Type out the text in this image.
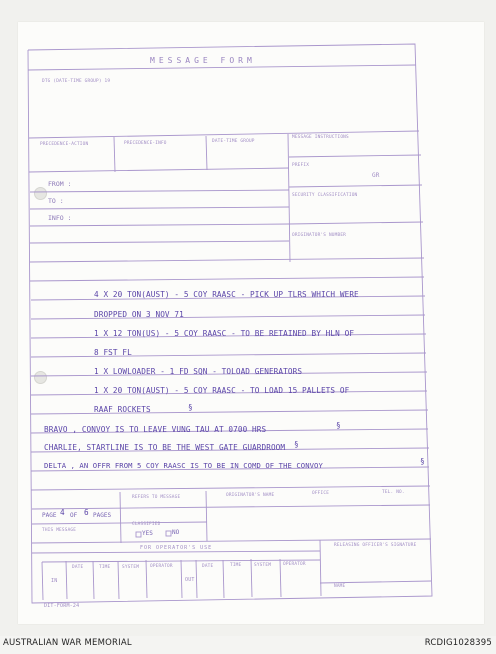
MESSAGE FORM
DTG (DATE-TIME GROUP) 19
PRECEDENCE-ACTION	PRECEDENCE-INFO	DATE-TIME GROUP
MESSAGE INSTRUCTIONS
PREFIX
GR
SECURITY CLASSIFICATION
ORIGINATOR'S NUMBER
FROM :
TO :
INFO :
4 X 20 TON(AUST) - 5 COY RAASC - PICK UP TLRS WHICH WERE
DROPPED ON 3 NOV 71
1 X 12 TON(US) - 5 COY RAASC - TO BE RETAINED BY HLN OF
8 FST FL
1 X LOWLOADER - 1 FD SQN - TOLOAD GENERATORS
1 X 20 TON(AUST) - 5 COY RAASC - TO LOAD 15 PALLETS OF
RAAF ROCKETS	§
BRAVO , CONVOY IS TO LEAVE VUNG TAU AT 0700 HRS	§
CHARLIE, STARTLINE IS TO BE THE WEST GATE GUARDROOM §
DELTA , AN OFFR FROM 5 COY RAASC IS TO BE IN COMD OF THE CONVOY	§
REFERS TO MESSAGE	ORIGINATOR'S NAME	OFFICE	TEL. NO.
PAGE 4 OF 6 PAGES
THIS MESSAGE
CLASSIFIED
YES	NO
FOR OPERATOR'S USE	RELEASING OFFICER'S SIGNATURE
NAME
IN
DATE	TIME	SYSTEM OPERATOR
OUT
DATE	TIME	SYSTEM	OPERATOR
DIT-FORM-24
AUSTRALIAN WAR MEMORIAL	RCDIG1028395
